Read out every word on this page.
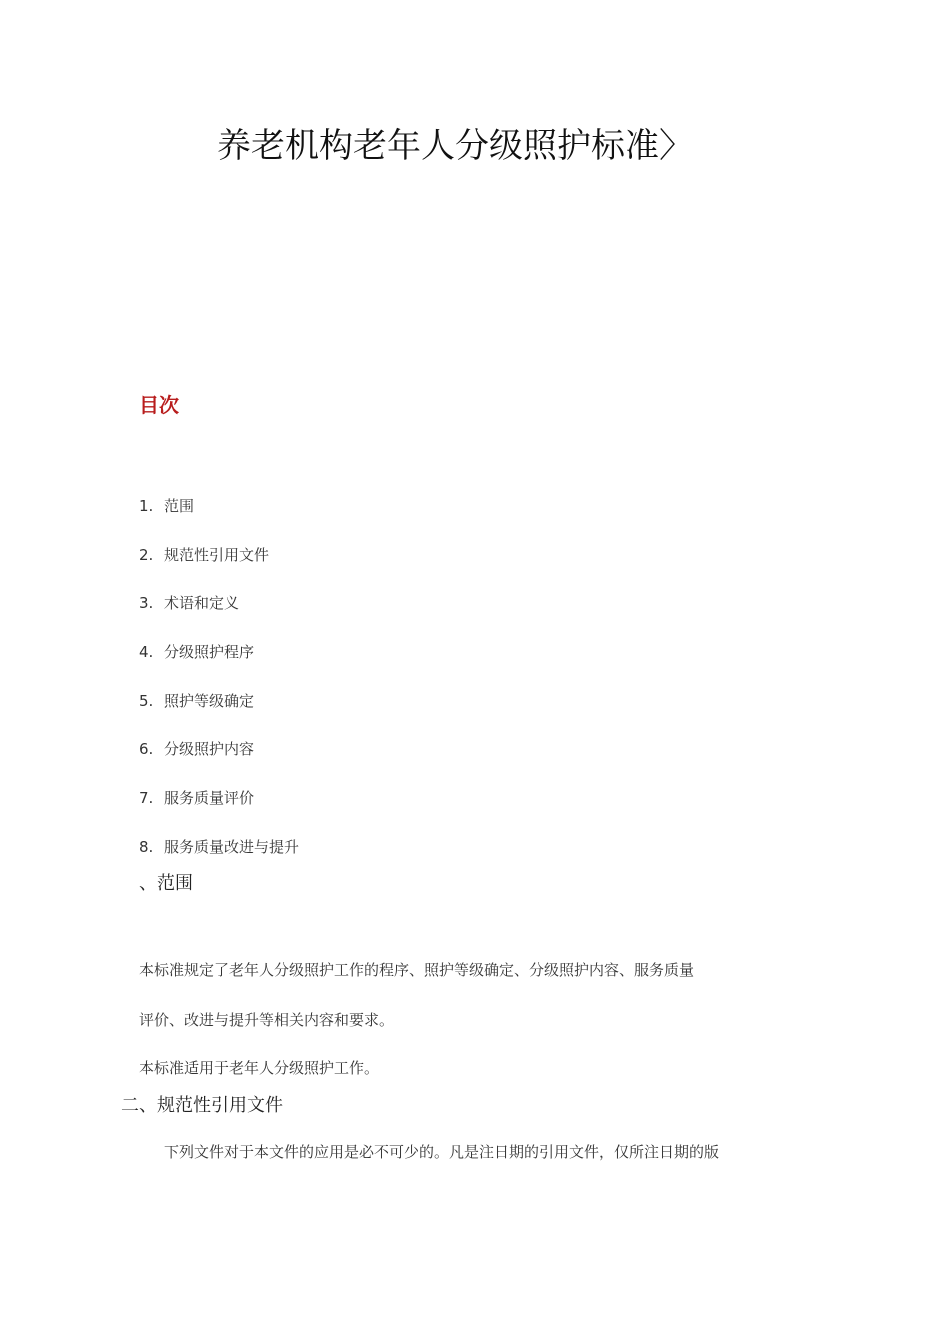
养老机构老年人分级照护标准〉
目次
1. 范围
2. 规范性引用文件
3. 术语和定义
4. 分级照护程序
5. 照护等级确定
6. 分级照护内容
7. 服务质量评价
8. 服务质量改进与提升
、范围
本标准规定了老年人分级照护工作的程序、照护等级确定、分级照护内容、服务质量
评价、改进与提升等相关内容和要求。
本标准适用于老年人分级照护工作。
二、规范性引用文件
下列文件对于本文件的应用是必不可少的。凡是注日期的引用文件，仅所注日期的版
